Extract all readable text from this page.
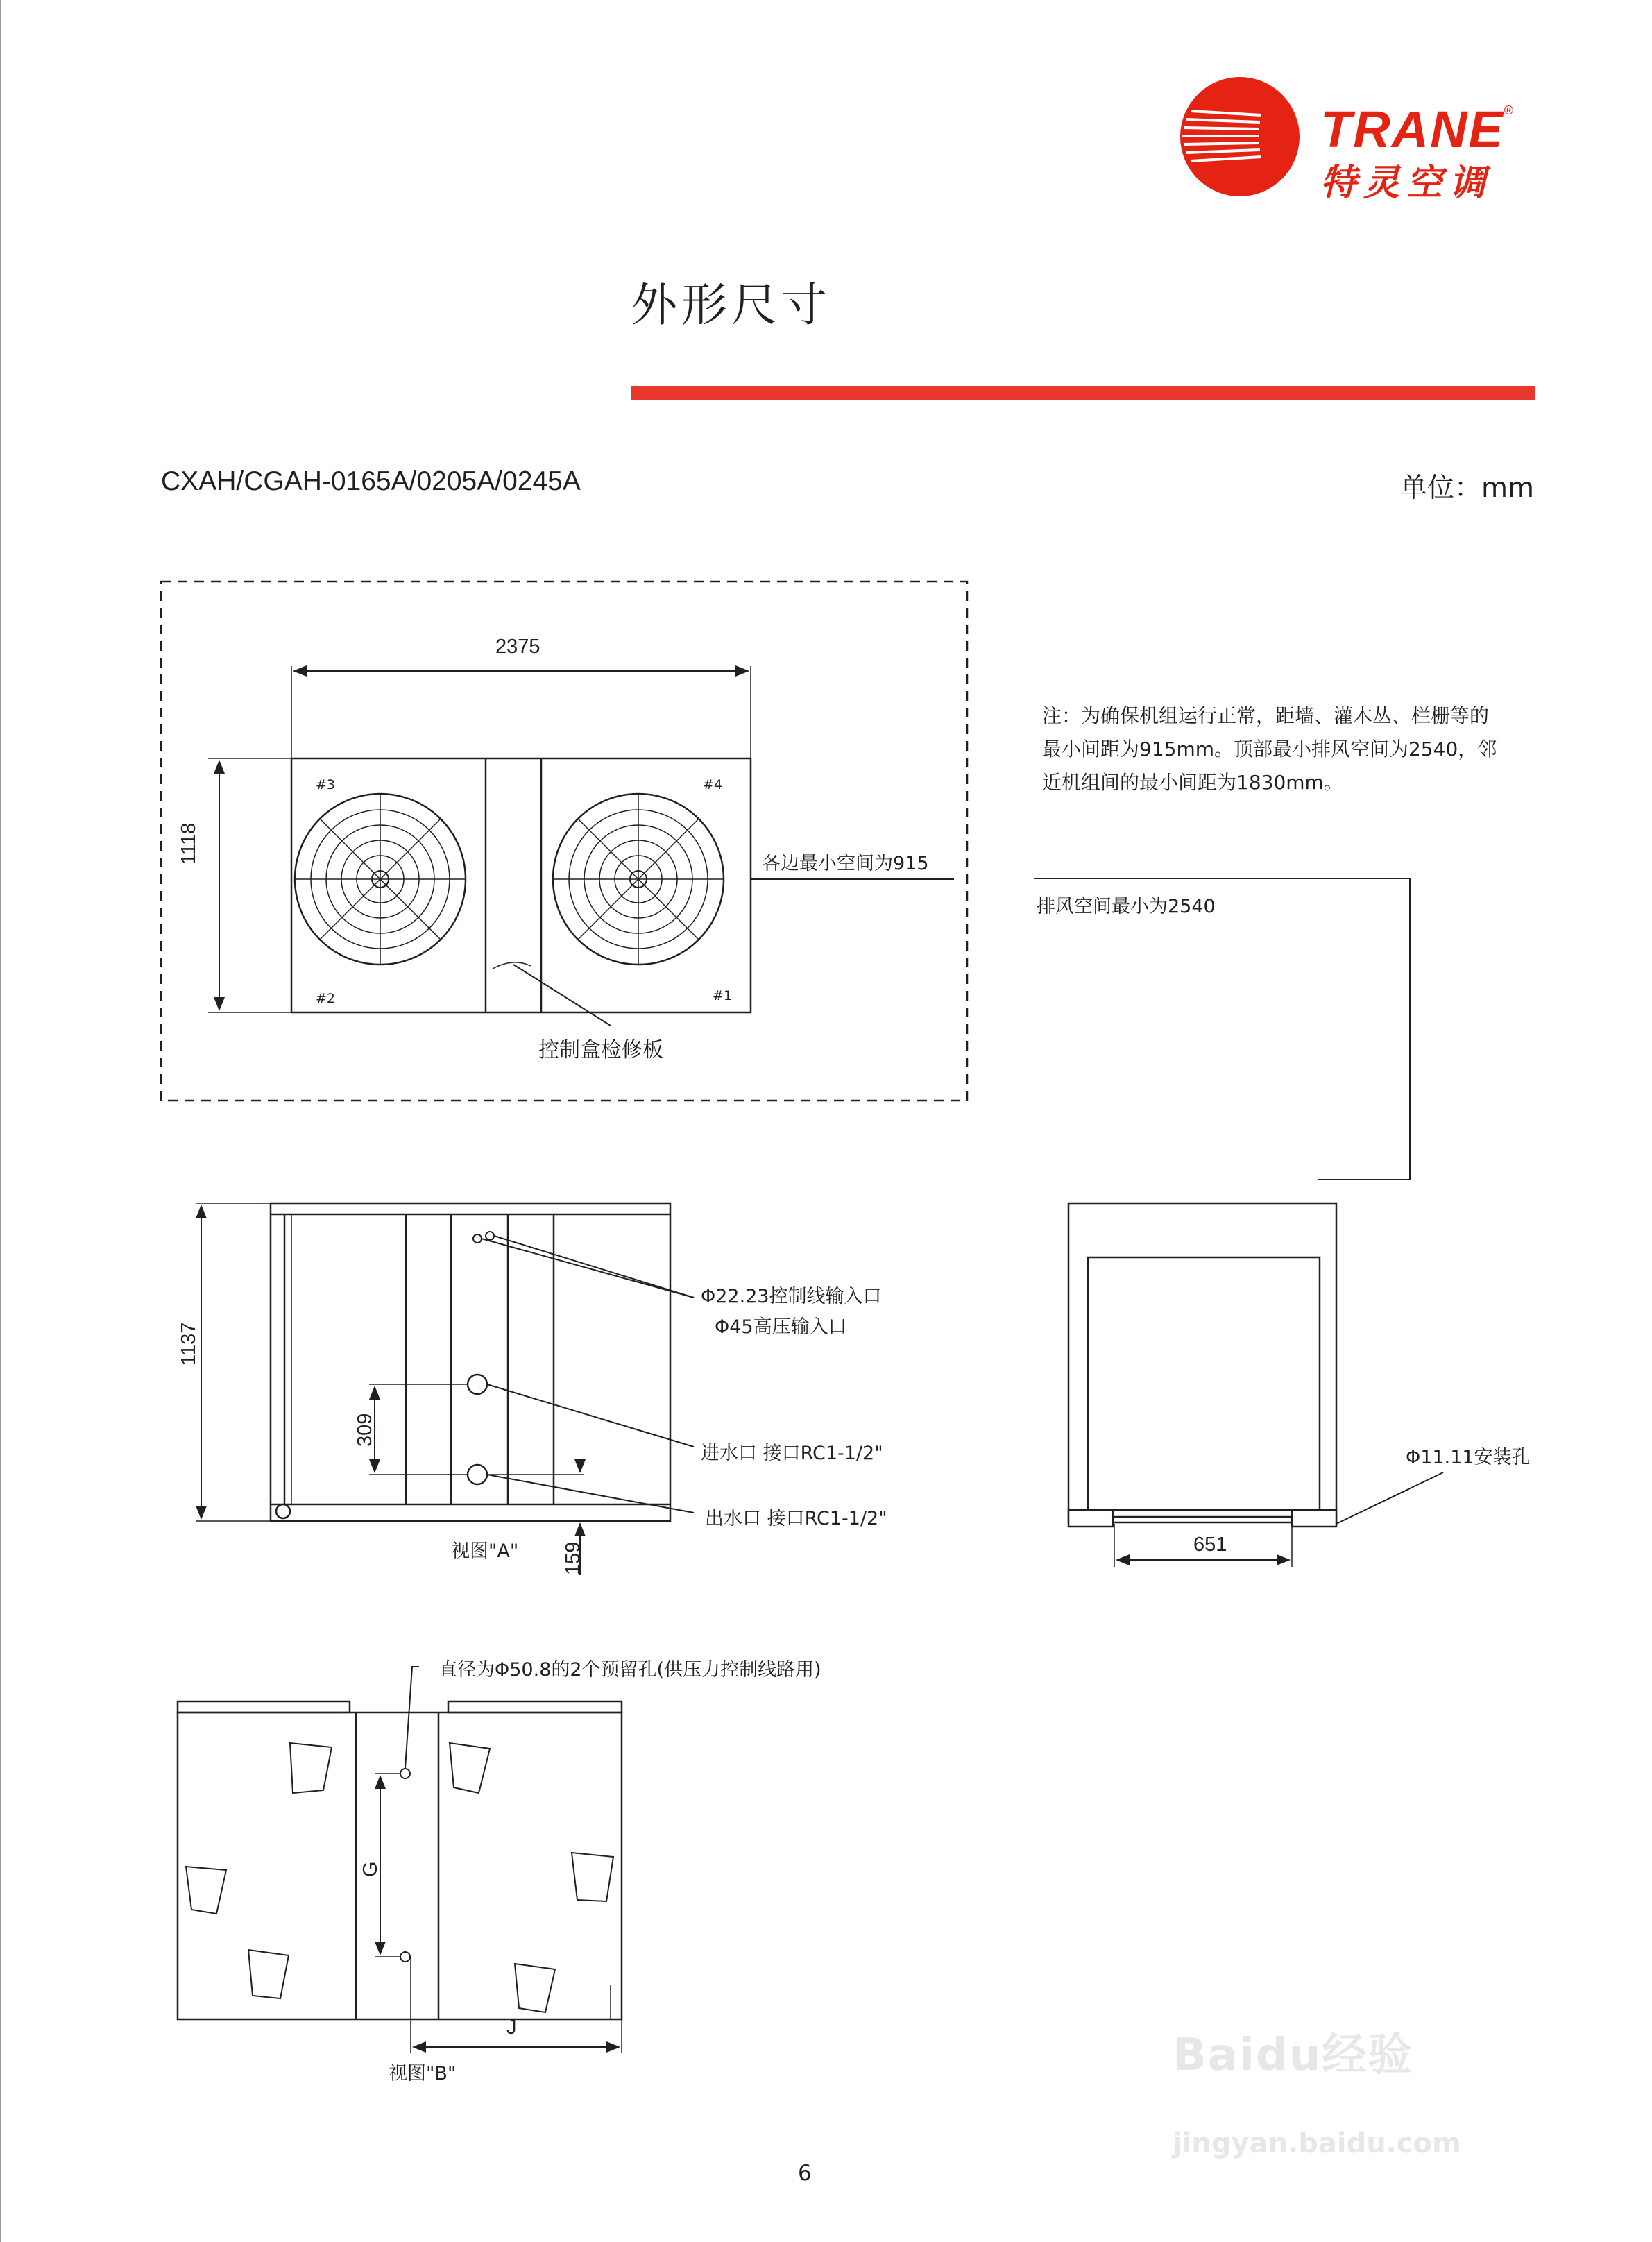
TRANE®
特灵空调
外形尺寸
CXAH/CGAH-0165A/0205A/0245A	单位：mm
注：为确保机组运行正常，距墙、灌木丛、栏栅等的
最小间距为915mm。顶部最小排风空间为2540，邻
近机组间的最小间距为1830mm。
2375
1118
#3	#4
#2	#1
各边最小空间为915
控制盒检修板
排风空间最小为2540
1137
309
159
视图"A"
Φ22.23控制线输入口
Φ45高压输入口
进水口 接口RC1-1/2"
出水口 接口RC1-1/2"
651
Φ11.11安装孔
直径为Φ50.8的2个预留孔(供压力控制线路用)
G
J
视图"B"	Baidu经验
jingyan.baidu.com
6
